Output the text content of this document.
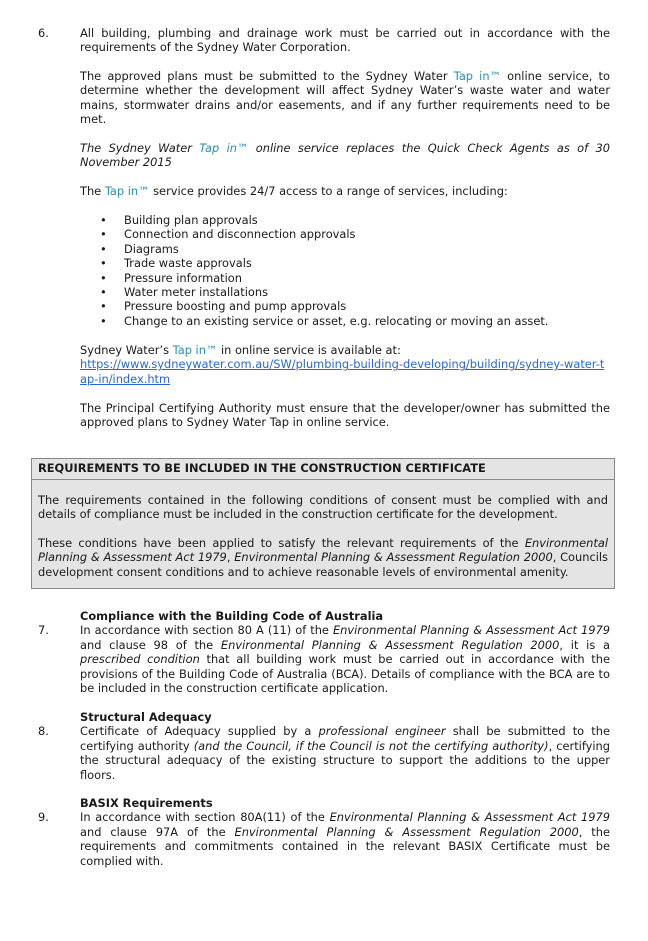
6.	All building, plumbing and drainage work must be carried out in accordance with the requirements of the Sydney Water Corporation.
The approved plans must be submitted to the Sydney Water Tap in™ online service, to determine whether the development will affect Sydney Water’s waste water and water mains, stormwater drains and/or easements, and if any further requirements need to be met.
The Sydney Water Tap in™ online service replaces the Quick Check Agents as of 30 November 2015
The Tap in™ service provides 24/7 access to a range of services, including:
• Building plan approvals
• Connection and disconnection approvals
• Diagrams
• Trade waste approvals
• Pressure information
• Water meter installations
• Pressure boosting and pump approvals
• Change to an existing service or asset, e.g. relocating or moving an asset.
Sydney Water’s Tap in™ in online service is available at:
https://www.sydneywater.com.au/SW/plumbing-building-developing/building/sydney-water-tap-in/index.htm
The Principal Certifying Authority must ensure that the developer/owner has submitted the approved plans to Sydney Water Tap in online service.
REQUIREMENTS TO BE INCLUDED IN THE CONSTRUCTION CERTIFICATE
The requirements contained in the following conditions of consent must be complied with and details of compliance must be included in the construction certificate for the development.
These conditions have been applied to satisfy the relevant requirements of the Environmental Planning & Assessment Act 1979, Environmental Planning & Assessment Regulation 2000, Councils development consent conditions and to achieve reasonable levels of environmental amenity.
Compliance with the Building Code of Australia
7.	In accordance with section 80 A (11) of the Environmental Planning & Assessment Act 1979 and clause 98 of the Environmental Planning & Assessment Regulation 2000, it is a prescribed condition that all building work must be carried out in accordance with the provisions of the Building Code of Australia (BCA). Details of compliance with the BCA are to be included in the construction certificate application.
Structural Adequacy
8.	Certificate of Adequacy supplied by a professional engineer shall be submitted to the certifying authority (and the Council, if the Council is not the certifying authority), certifying the structural adequacy of the existing structure to support the additions to the upper floors.
BASIX Requirements
9.	In accordance with section 80A(11) of the Environmental Planning & Assessment Act 1979 and clause 97A of the Environmental Planning & Assessment Regulation 2000, the requirements and commitments contained in the relevant BASIX Certificate must be complied with.
